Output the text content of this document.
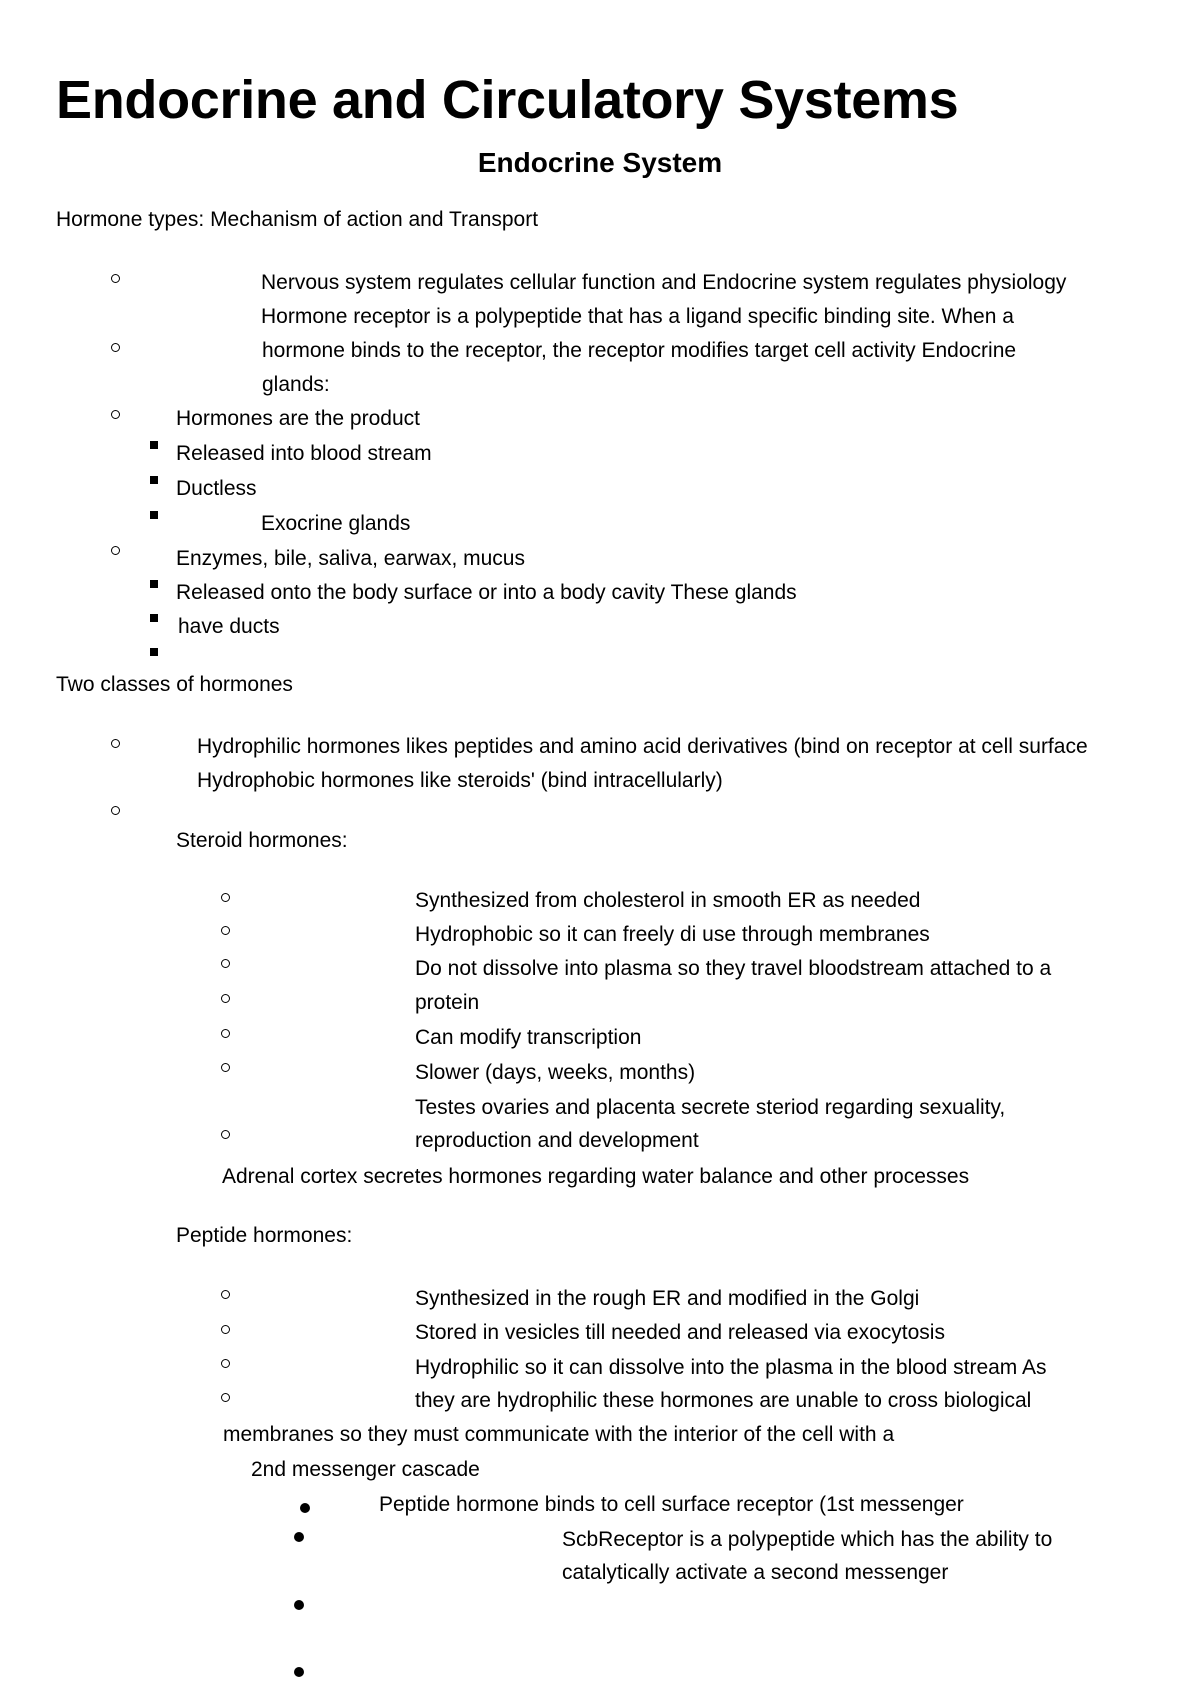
Endocrine and Circulatory Systems
Endocrine System
Hormone types: Mechanism of action and Transport
Nervous system regulates cellular function and Endocrine system regulates physiology
Hormone receptor is a polypeptide that has a ligand specific binding site. When a
hormone binds to the receptor, the receptor modifies target cell activity Endocrine
glands:
Hormones are the product
Released into blood stream
Ductless
Exocrine glands
Enzymes, bile, saliva, earwax, mucus
Released onto the body surface or into a body cavity These glands
have ducts
Two classes of hormones
Hydrophilic hormones likes peptides and amino acid derivatives (bind on receptor at cell surface
Hydrophobic hormones like steroids' (bind intracellularly)
Steroid hormones:
Synthesized from cholesterol in smooth ER as needed
Hydrophobic so it can freely di use through membranes
Do not dissolve into plasma so they travel bloodstream attached to a
protein
Can modify transcription
Slower (days, weeks, months)
Testes ovaries and placenta secrete steriod regarding sexuality,
reproduction and development
Adrenal cortex secretes hormones regarding water balance and other processes
Peptide hormones:
Synthesized in the rough ER and modified in the Golgi
Stored in vesicles till needed and released via exocytosis
Hydrophilic so it can dissolve into the plasma in the blood stream As
they are hydrophilic these hormones are unable to cross biological
membranes so they must communicate with the interior of the cell with a
2nd messenger cascade
Peptide hormone binds to cell surface receptor (1st messenger
ScbReceptor is a polypeptide which has the ability to
catalytically activate a second messenger
